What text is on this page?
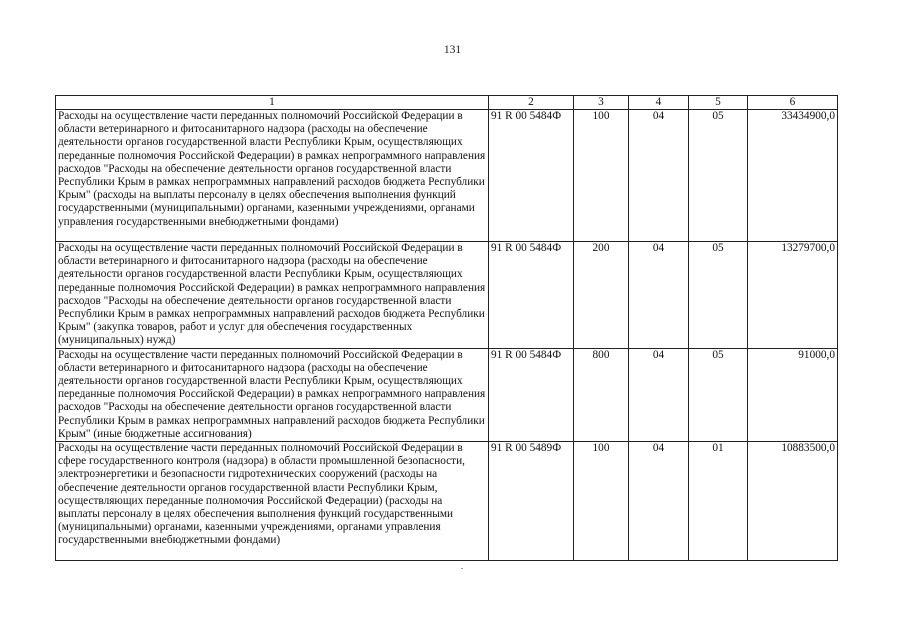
131
1	2	3	4	5	6
Расходы на осуществление части переданных полномочий Российской Федерации в области ветеринарного и фитосанитарного надзора (расходы на обеспечение деятельности органов государственной власти Республики Крым, осуществляющих переданные полномочия Российской Федерации) в рамках непрограммного направления расходов "Расходы на обеспечение деятельности органов государственной власти Республики Крым в рамках непрограммных направлений расходов бюджета Республики Крым" (расходы на выплаты персоналу в целях обеспечения выполнения функций государственными (муниципальными) органами, казенными учреждениями, органами управления государственными внебюджетными фондами)	91 R 00 5484Ф	100	04	05	33434900,0
Расходы на осуществление части переданных полномочий Российской Федерации в области ветеринарного и фитосанитарного надзора (расходы на обеспечение деятельности органов государственной власти Республики Крым, осуществляющих переданные полномочия Российской Федерации) в рамках непрограммного направления расходов "Расходы на обеспечение деятельности органов государственной власти Республики Крым в рамках непрограммных направлений расходов бюджета Республики Крым" (закупка товаров, работ и услуг для обеспечения государственных (муниципальных) нужд)	91 R 00 5484Ф	200	04	05	13279700,0
Расходы на осуществление части переданных полномочий Российской Федерации в области ветеринарного и фитосанитарного надзора (расходы на обеспечение деятельности органов государственной власти Республики Крым, осуществляющих переданные полномочия Российской Федерации) в рамках непрограммного направления расходов "Расходы на обеспечение деятельности органов государственной власти Республики Крым в рамках непрограммных направлений расходов бюджета Республики Крым" (иные бюджетные ассигнования)	91 R 00 5484Ф	800	04	05	91000,0
Расходы на осуществление части переданных полномочий Российской Федерации в сфере государственного контроля (надзора) в области промышленной безопасности, электроэнергетики и безопасности гидротехнических сооружений (расходы на обеспечение деятельности органов государственной власти Республики Крым, осуществляющих переданные полномочия Российской Федерации) (расходы на выплаты персоналу в целях обеспечения выполнения функций государственными (муниципальными) органами, казенными учреждениями, органами управления государственными внебюджетными фондами)	91 R 00 5489Ф	100	04	01	10883500,0
